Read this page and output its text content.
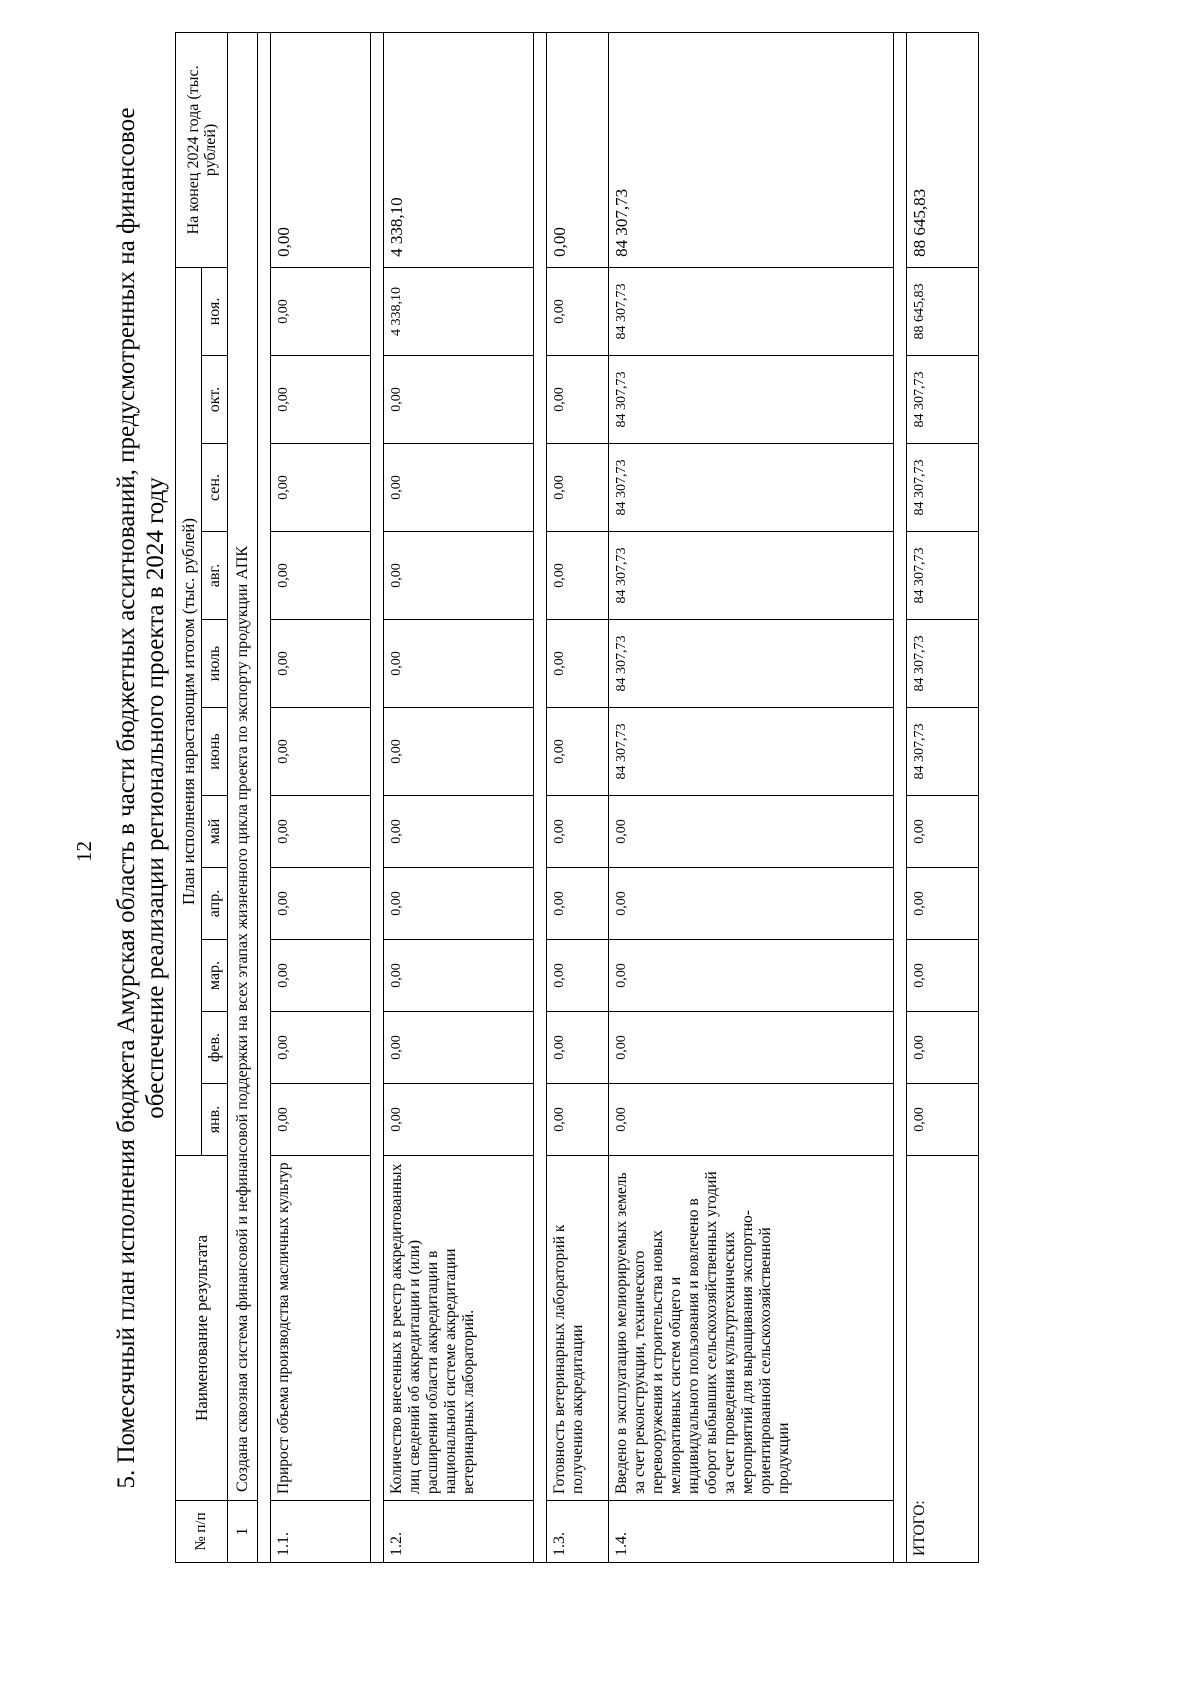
12 5. Помесячный план исполнения бюджета Амурская область в части бюджетных ассигнований, предусмотренных на финансовое обеспечение реализации регионального проекта в 2024 году
№ п/п	Наименование результата	План исполнения нарастающим итогом (тыс. рублей)											На конец 2024 года (тыс. рублей)
		янв.	фев.	мар.	апр.	май	июнь	июль	авг.	сен.	окт.	ноя.	
1	Создана сквозная система финансовой и нефинансовой поддержки на всех этапах жизненного цикла проекта по экспорту продукции АПК												

1.1.	Прирост объема производства масличных культур	0,00	0,00	0,00	0,00	0,00	0,00	0,00	0,00	0,00	0,00	0,00	0,00

1.2.	Количество внесенных в реестр аккредитованных лиц сведений об аккредитации и (или) расширении области аккредитации в национальной системе аккредитации ветеринарных лабораторий.	0,00	0,00	0,00	0,00	0,00	0,00	0,00	0,00	0,00	0,00	4 338,10	4 338,10

1.3.	Готовность ветеринарных лабораторий к получению аккредитации	0,00	0,00	0,00	0,00	0,00	0,00	0,00	0,00	0,00	0,00	0,00	0,00
1.4.	Введено в эксплуатацию мелиорируемых земель за счет реконструкции, технического перевооружения и строительства новых мелиоративных систем общего и индивидуального пользования и вовлечено в оборот выбывших сельскохозяйственных угодий за счет проведения культуртехнических мероприятий для выращивания экспортно-ориентированной сельскохозяйственной продукции	0,00	0,00	0,00	0,00	0,00	84 307,73	84 307,73	84 307,73	84 307,73	84 307,73	84 307,73	84 307,73

ИТОГО:		0,00	0,00	0,00	0,00	0,00	84 307,73	84 307,73	84 307,73	84 307,73	84 307,73	88 645,83	88 645,83
